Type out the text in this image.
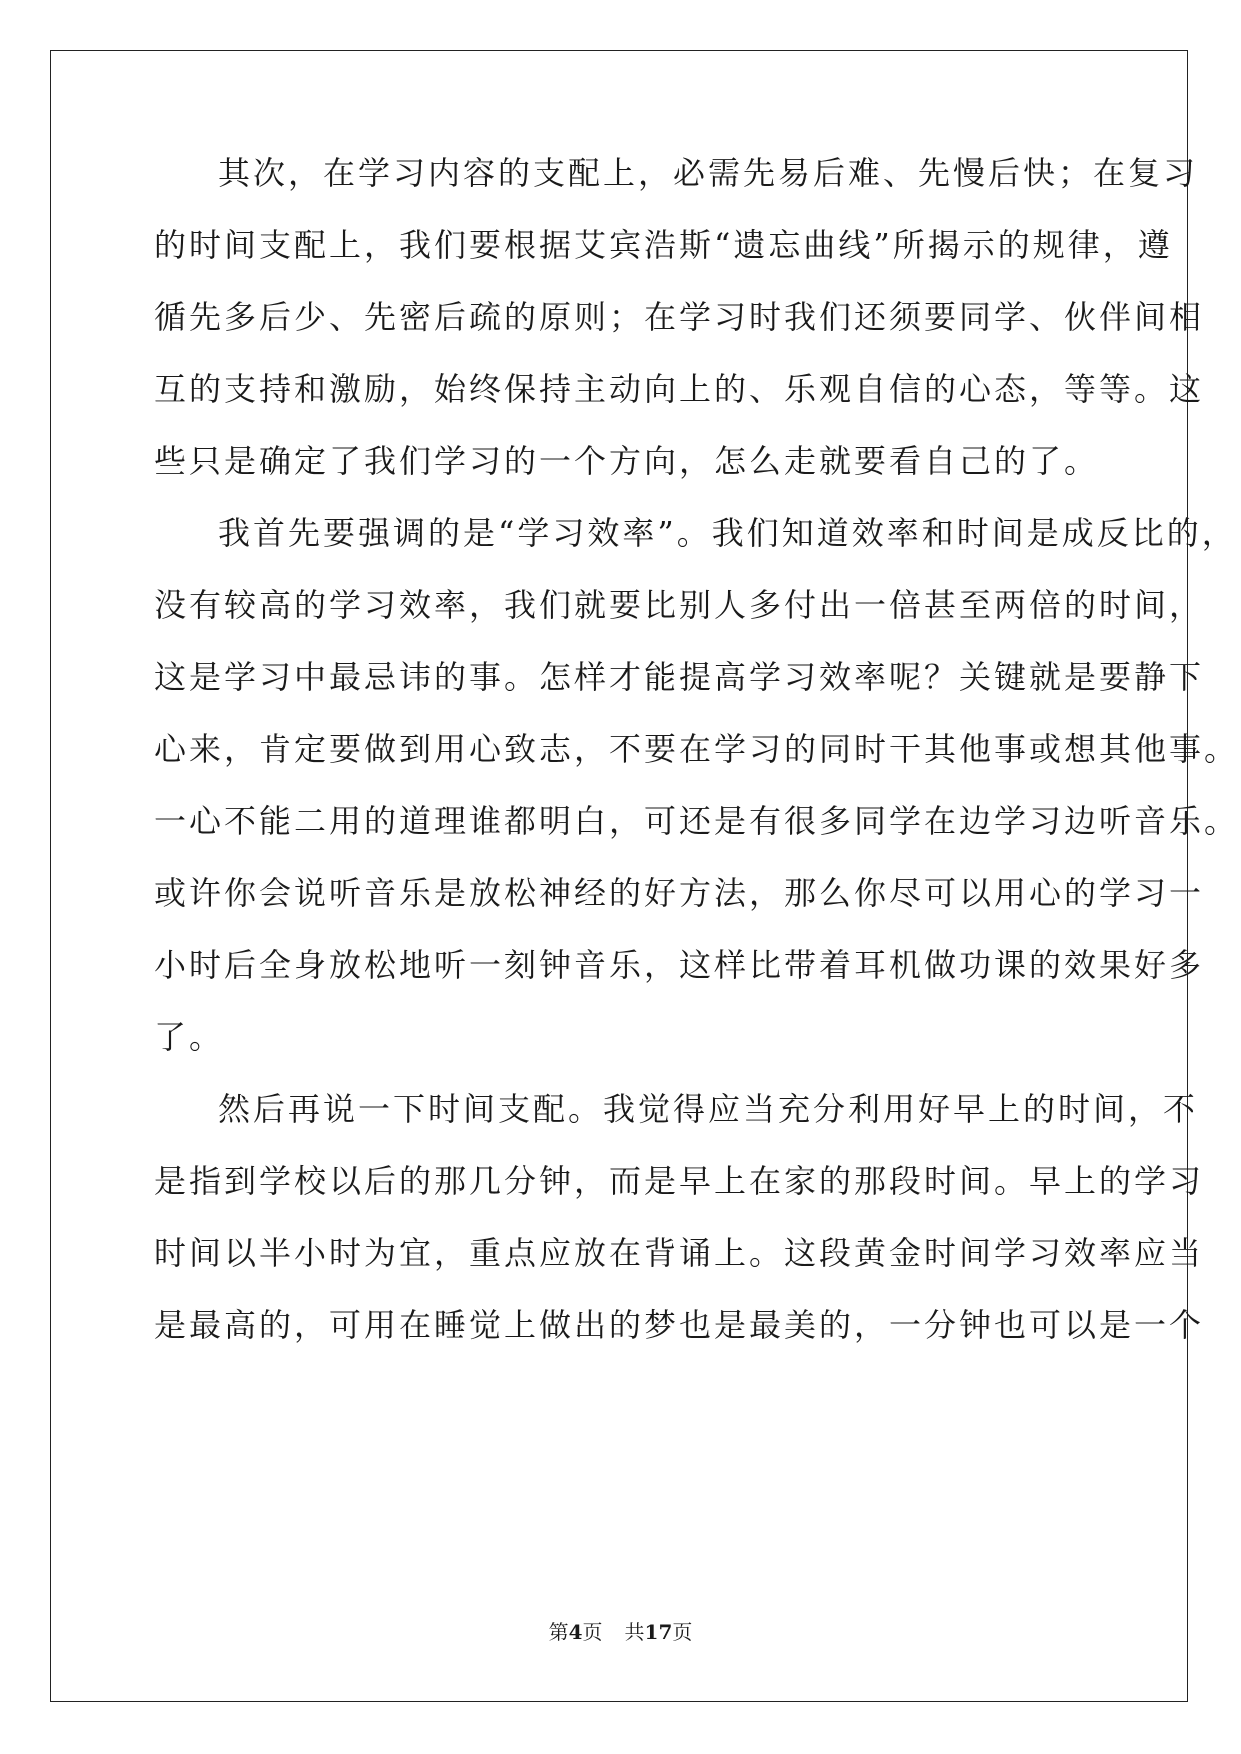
其次，在学习内容的支配上，必需先易后难、先慢后快；在复习
的时间支配上，我们要根据艾宾浩斯“遗忘曲线”所揭示的规律，遵
循先多后少、先密后疏的原则；在学习时我们还须要同学、伙伴间相
互的支持和激励，始终保持主动向上的、乐观自信的心态，等等。这
些只是确定了我们学习的一个方向，怎么走就要看自己的了。
我首先要强调的是“学习效率”。我们知道效率和时间是成反比的，
没有较高的学习效率，我们就要比别人多付出一倍甚至两倍的时间，
这是学习中最忌讳的事。怎样才能提高学习效率呢？关键就是要静下
心来，肯定要做到用心致志，不要在学习的同时干其他事或想其他事。
一心不能二用的道理谁都明白，可还是有很多同学在边学习边听音乐。
或许你会说听音乐是放松神经的好方法，那么你尽可以用心的学习一
小时后全身放松地听一刻钟音乐，这样比带着耳机做功课的效果好多
了。
然后再说一下时间支配。我觉得应当充分利用好早上的时间，不
是指到学校以后的那几分钟，而是早上在家的那段时间。早上的学习
时间以半小时为宜，重点应放在背诵上。这段黄金时间学习效率应当
是最高的，可用在睡觉上做出的梦也是最美的，一分钟也可以是一个
第4页 共17页
